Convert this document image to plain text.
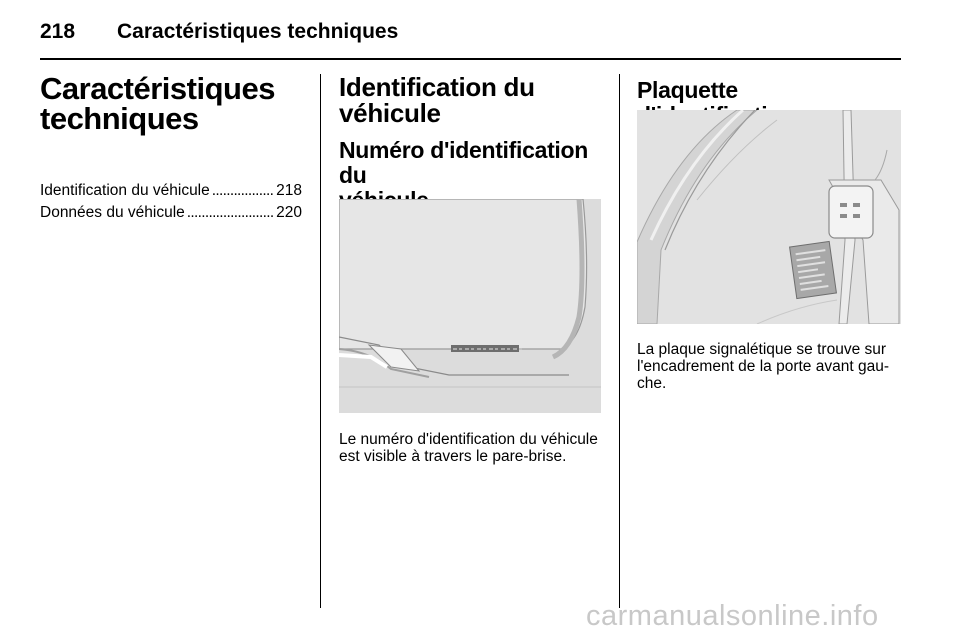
218 Caractéristiques techniques
Caractéristiques
techniques
Identification du véhicule . . .	218
Données du véhicule . . .	220
Identification du
véhicule
Numéro d'identification du

Le numéro d'identification du véhicule
est visible à travers le pare-brise.
Plaquette
La plaque signalétique se trouve sur
l'encadrement de la porte avant gau-
che.
carmanualsonline.info
